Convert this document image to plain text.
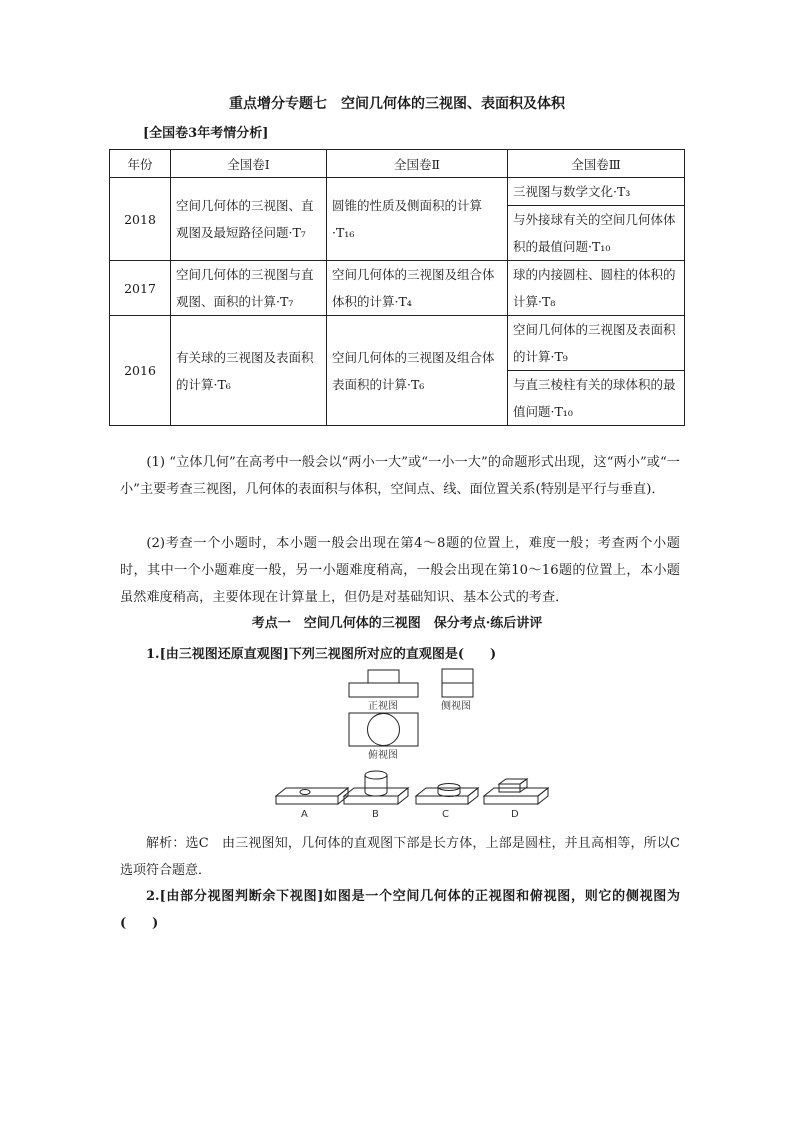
重点增分专题七　空间几何体的三视图、表面积及体积
[全国卷3年考情分析]
年份	全国卷Ⅰ	全国卷Ⅱ	全国卷Ⅲ
2018	空间几何体的三视图、直观图及最短路径问题·T₇	圆锥的性质及侧面积的计算·T₁₆	三视图与数学文化·T₃
			与外接球有关的空间几何体体积的最值问题·T₁₀
2017	空间几何体的三视图与直观图、面积的计算·T₇	空间几何体的三视图及组合体体积的计算·T₄	球的内接圆柱、圆柱的体积的计算·T₈
2016	有关球的三视图及表面积的计算·T₆	空间几何体的三视图及组合体表面积的计算·T₆	空间几何体的三视图及表面积的计算·T₉
			与直三棱柱有关的球体积的最值问题·T₁₀
(1) “立体几何”在高考中一般会以“两小一大”或“一小一大”的命题形式出现，这“两小”或“一小”主要考查三视图，几何体的表面积与体积，空间点、线、面位置关系(特别是平行与垂直)．
(2)考查一个小题时，本小题一般会出现在第4～8题的位置上，难度一般；考查两个小题时，其中一个小题难度一般，另一小题难度稍高，一般会出现在第10～16题的位置上，本小题虽然难度稍高，主要体现在计算量上，但仍是对基础知识、基本公式的考查．
考点一　空间几何体的三视图　保分考点·练后讲评
1.[由三视图还原直观图]下列三视图所对应的直观图是(　　)
正视图	侧视图
俯视图
A	B	C	D
解析：选C　由三视图知，几何体的直观图下部是长方体，上部是圆柱，并且高相等，所以C选项符合题意．
2.[由部分视图判断余下视图]如图是一个空间几何体的正视图和俯视图，则它的侧视图为(　　)
